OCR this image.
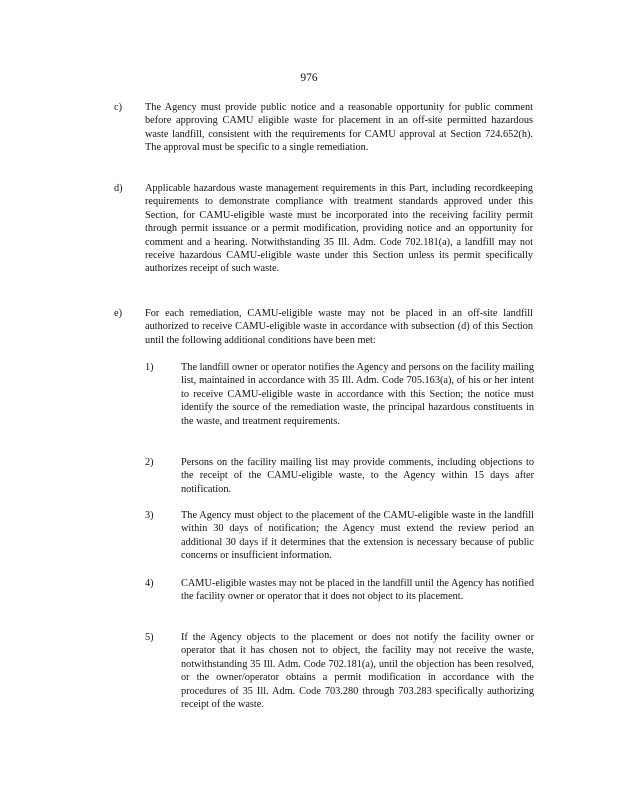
976
c) The Agency must provide public notice and a reasonable opportunity for public comment before approving CAMU eligible waste for placement in an off-site permitted hazardous waste landfill, consistent with the requirements for CAMU approval at Section 724.652(h). The approval must be specific to a single remediation.
d) Applicable hazardous waste management requirements in this Part, including recordkeeping requirements to demonstrate compliance with treatment standards approved under this Section, for CAMU-eligible waste must be incorporated into the receiving facility permit through permit issuance or a permit modification, providing notice and an opportunity for comment and a hearing. Notwithstanding 35 Ill. Adm. Code 702.181(a), a landfill may not receive hazardous CAMU-eligible waste under this Section unless its permit specifically authorizes receipt of such waste.
e) For each remediation, CAMU-eligible waste may not be placed in an off-site landfill authorized to receive CAMU-eligible waste in accordance with subsection (d) of this Section until the following additional conditions have been met:
1)	The landfill owner or operator notifies the Agency and persons on the facility mailing list, maintained in accordance with 35 Ill. Adm. Code 705.163(a), of his or her intent to receive CAMU-eligible waste in accordance with this Section; the notice must identify the source of the remediation waste, the principal hazardous constituents in the waste, and treatment requirements.
2)	Persons on the facility mailing list may provide comments, including objections to the receipt of the CAMU-eligible waste, to the Agency within 15 days after notification.
3)	The Agency must object to the placement of the CAMU-eligible waste in the landfill within 30 days of notification; the Agency must extend the review period an additional 30 days if it determines that the extension is necessary because of public concerns or insufficient information.
4)	CAMU-eligible wastes may not be placed in the landfill until the Agency has notified the facility owner or operator that it does not object to its placement.
5)	If the Agency objects to the placement or does not notify the facility owner or operator that it has chosen not to object, the facility may not receive the waste, notwithstanding 35 Ill. Adm. Code 702.181(a), until the objection has been resolved, or the owner/operator obtains a permit modification in accordance with the procedures of 35 Ill. Adm. Code 703.280 through 703.283 specifically authorizing receipt of the waste.
